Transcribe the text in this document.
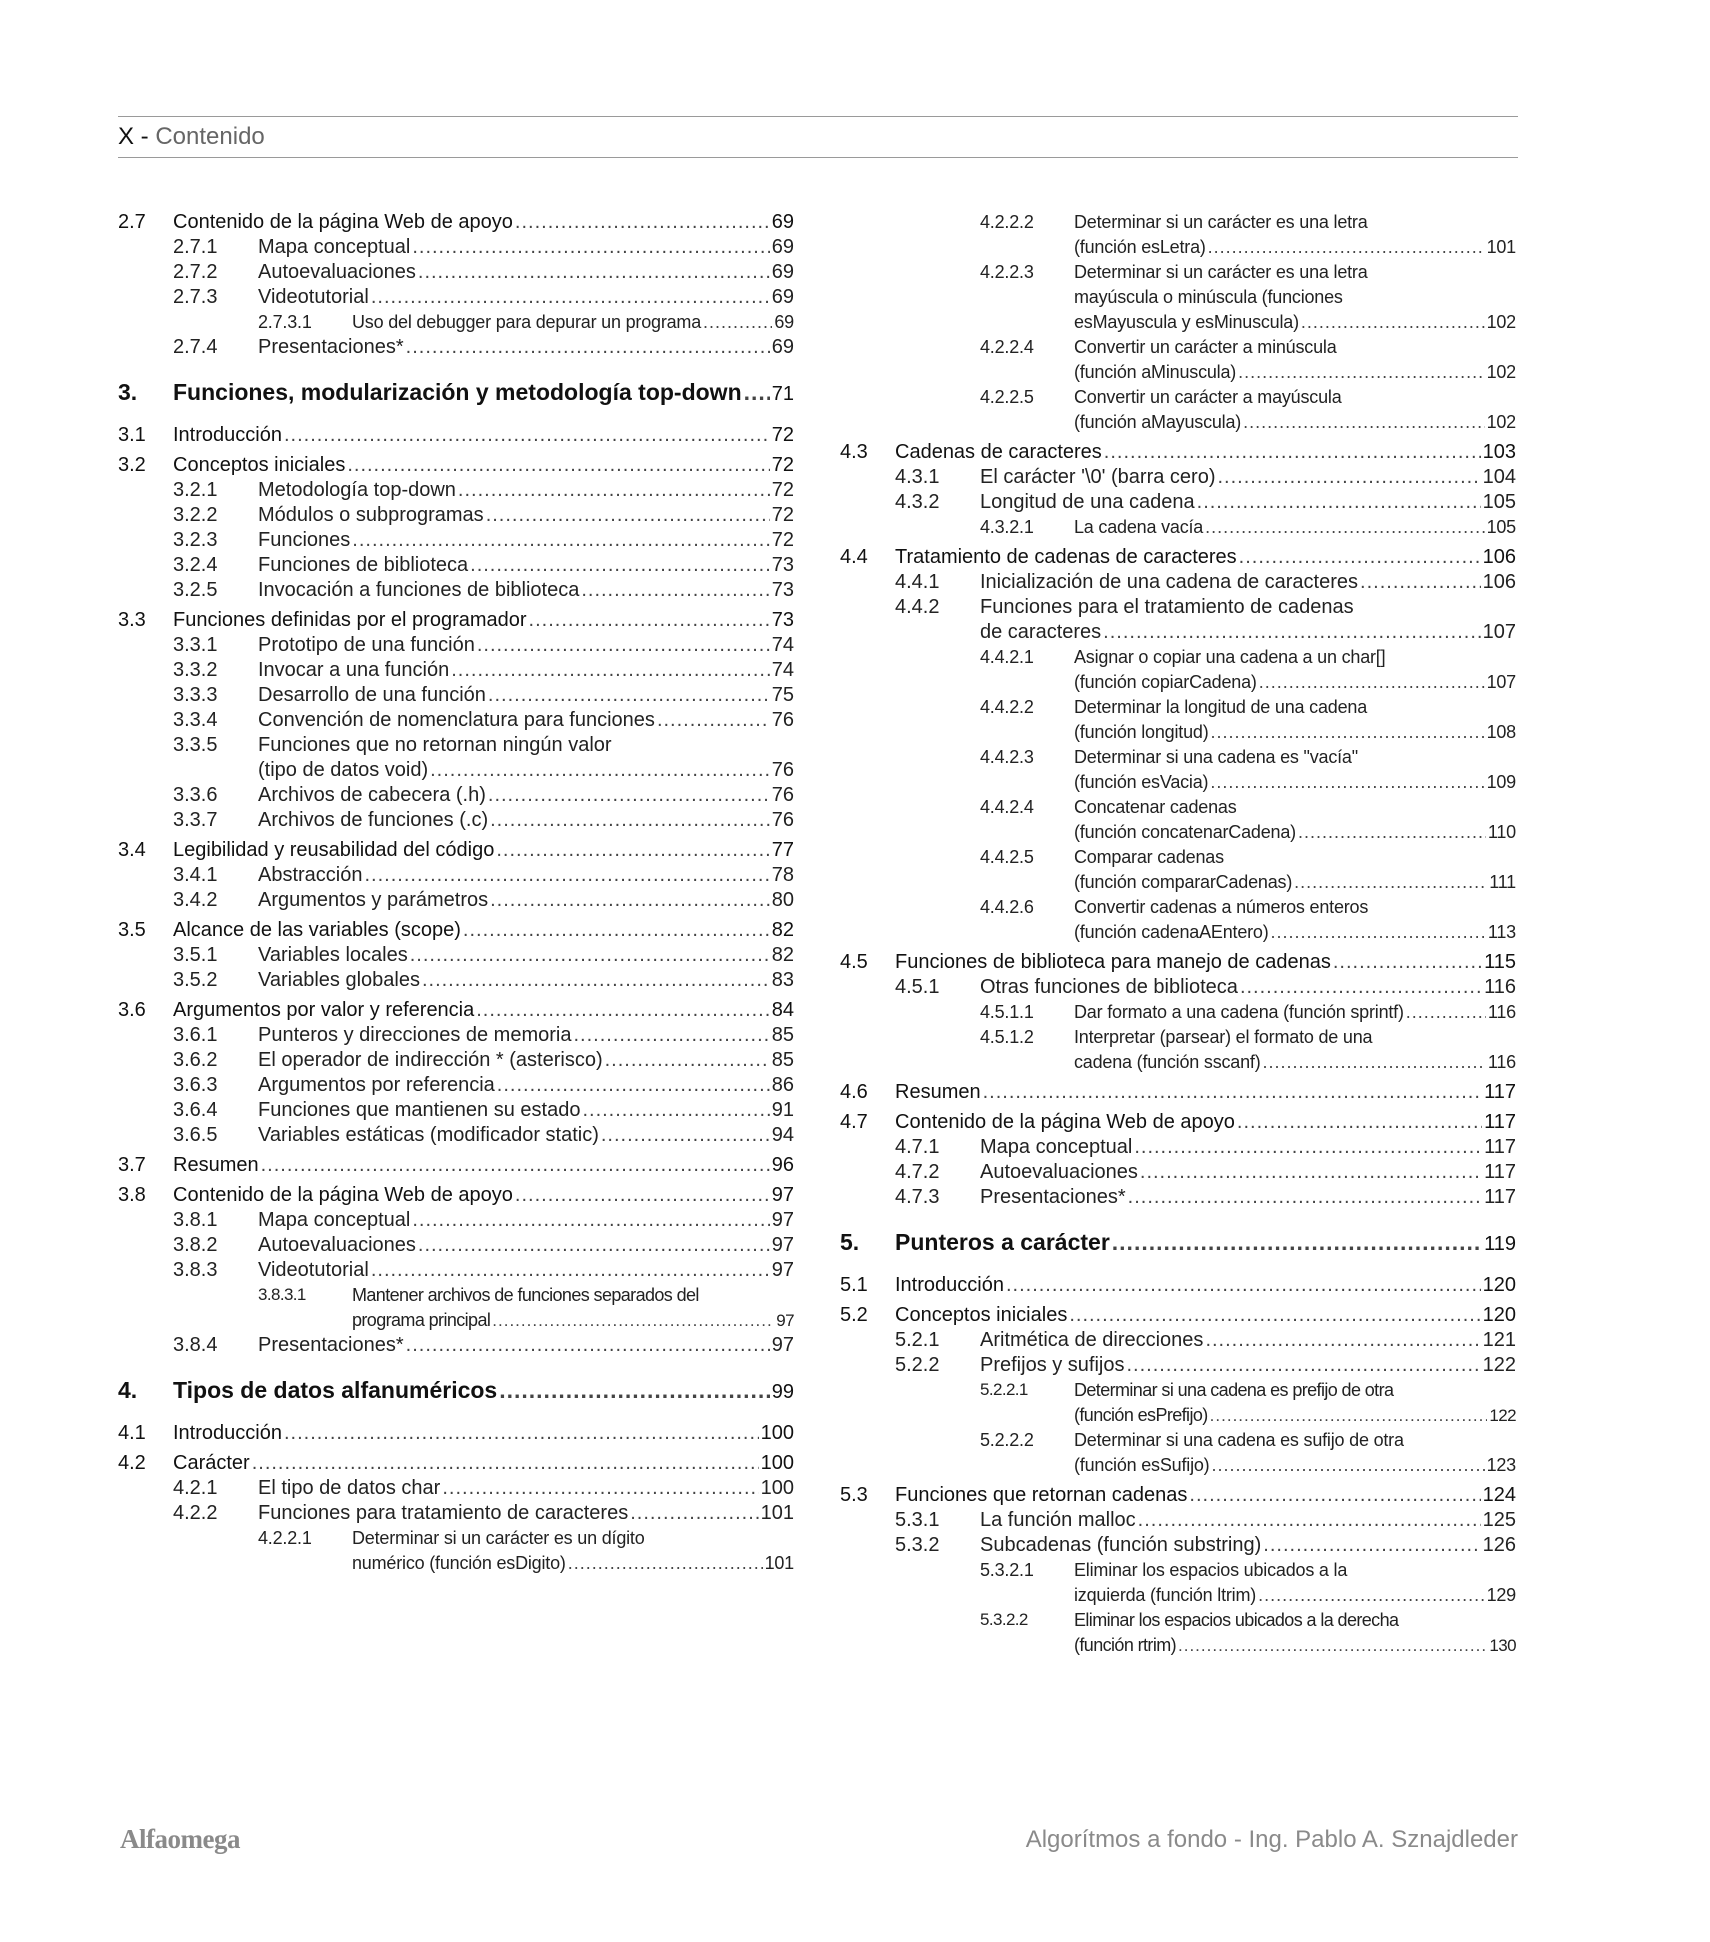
X - Contenido
2.7 Contenido de la página Web de apoyo .....	69
2.7.1 Mapa conceptual .....	69
2.7.2 Autoevaluaciones .....	69
2.7.3 Videotutorial .....	69
2.7.3.1 Uso del debugger para depurar un programa .....	69
2.7.4 Presentaciones* .....	69
3. Funciones, modularización y metodología top-down ..... 71
3.1 Introducción .....	72
3.2 Conceptos iniciales .....	72
3.2.1 Metodología top-down .....	72
3.2.2 Módulos o subprogramas .....	72
3.2.3 Funciones .....	72
3.2.4 Funciones de biblioteca .....	73
3.2.5 Invocación a funciones de biblioteca .....	73
3.3 Funciones definidas por el programador .....	73
3.3.1 Prototipo de una función .....	74
3.3.2 Invocar a una función .....	74
3.3.3 Desarrollo de una función .....	75
3.3.4 Convención de nomenclatura para funciones .....	76
3.3.5 Funciones que no retornan ningún valor
(tipo de datos void) .....	76
3.3.6 Archivos de cabecera (.h) .....	76
3.3.7 Archivos de funciones (.c) .....	76
3.4 Legibilidad y reusabilidad del código .....	77
3.4.1 Abstracción .....	78
3.4.2 Argumentos y parámetros .....	80
3.5 Alcance de las variables (scope) .....	82
3.5.1 Variables locales .....	82
3.5.2 Variables globales .....	83
3.6 Argumentos por valor y referencia .....	84
3.6.1 Punteros y direcciones de memoria .....	85
3.6.2 El operador de indirección * (asterisco) .....	85
3.6.3 Argumentos por referencia .....	86
3.6.4 Funciones que mantienen su estado .....	91
3.6.5 Variables estáticas (modificador static) .....	94
3.7 Resumen .....	96
3.8 Contenido de la página Web de apoyo .....	97
3.8.1 Mapa conceptual .....	97
3.8.2 Autoevaluaciones .....	97
3.8.3 Videotutorial .....	97
3.8.3.1	Mantener archivos de funciones separados del
programa principal .....	97
3.8.4 Presentaciones* .....	97
4. Tipos de datos alfanuméricos .....	99
4.1 Introducción .....	100
4.2 Carácter .....	100
4.2.1 El tipo de datos char .....	100
4.2.2 Funciones para tratamiento de caracteres .....	101
4.2.2.1 Determinar si un carácter es un dígito
numérico (función esDigito) .....	101
4.2.2.2 Determinar si un carácter es una letra
(función esLetra) .....	101
4.2.2.3 Determinar si un carácter es una letra
mayúscula o minúscula (funciones
esMayuscula y esMinuscula) .....	102
4.2.2.4 Convertir un carácter a minúscula
(función aMinuscula) .....	102
4.2.2.5 Convertir un carácter a mayúscula
(función aMayuscula) .....	102
4.3 Cadenas de caracteres .....	103
4.3.1 El carácter '\0' (barra cero) .....	104
4.3.2 Longitud de una cadena .....	105
4.3.2.1 La cadena vacía .....	105
4.4 Tratamiento de cadenas de caracteres .....	106
4.4.1 Inicialización de una cadena de caracteres .....	106
4.4.2 Funciones para el tratamiento de cadenas
de caracteres .....	107
4.4.2.1 Asignar o copiar una cadena a un char[]
(función copiarCadena) .....	107
4.4.2.2 Determinar la longitud de una cadena
(función longitud) .....	108
4.4.2.3 Determinar si una cadena es "vacía"
(función esVacia) .....	109
4.4.2.4 Concatenar cadenas
(función concatenarCadena) .....	110
4.4.2.5 Comparar cadenas
(función compararCadenas) .....	111
4.4.2.6 Convertir cadenas a números enteros
(función cadenaAEntero) .....	113
4.5 Funciones de biblioteca para manejo de cadenas .....	115
4.5.1 Otras funciones de biblioteca .....	116
4.5.1.1 Dar formato a una cadena (función sprintf) .....	116
4.5.1.2 Interpretar (parsear) el formato de una
cadena (función sscanf) .....	116
4.6 Resumen .....	117
4.7 Contenido de la página Web de apoyo .....	117
4.7.1 Mapa conceptual .....	117
4.7.2 Autoevaluaciones .....	117
4.7.3 Presentaciones* .....	117
5. Punteros a carácter .....	119
5.1 Introducción .....	120
5.2 Conceptos iniciales .....	120
5.2.1 Aritmética de direcciones .....	121
5.2.2 Prefijos y sufijos .....	122
5.2.2.1	Determinar si una cadena es prefijo de otra
(función esPrefijo) .....	122
5.2.2.2 Determinar si una cadena es sufijo de otra
(función esSufijo) .....	123
5.3 Funciones que retornan cadenas .....	124
5.3.1 La función malloc .....	125
5.3.2 Subcadenas (función substring) .....	126
5.3.2.1 Eliminar los espacios ubicados a la
izquierda (función ltrim) .....	129
5.3.2.2	Eliminar los espacios ubicados a la derecha
(función rtrim) .....	130
Alfaomega	Algorítmos a fondo - Ing. Pablo A. Sznajdleder
